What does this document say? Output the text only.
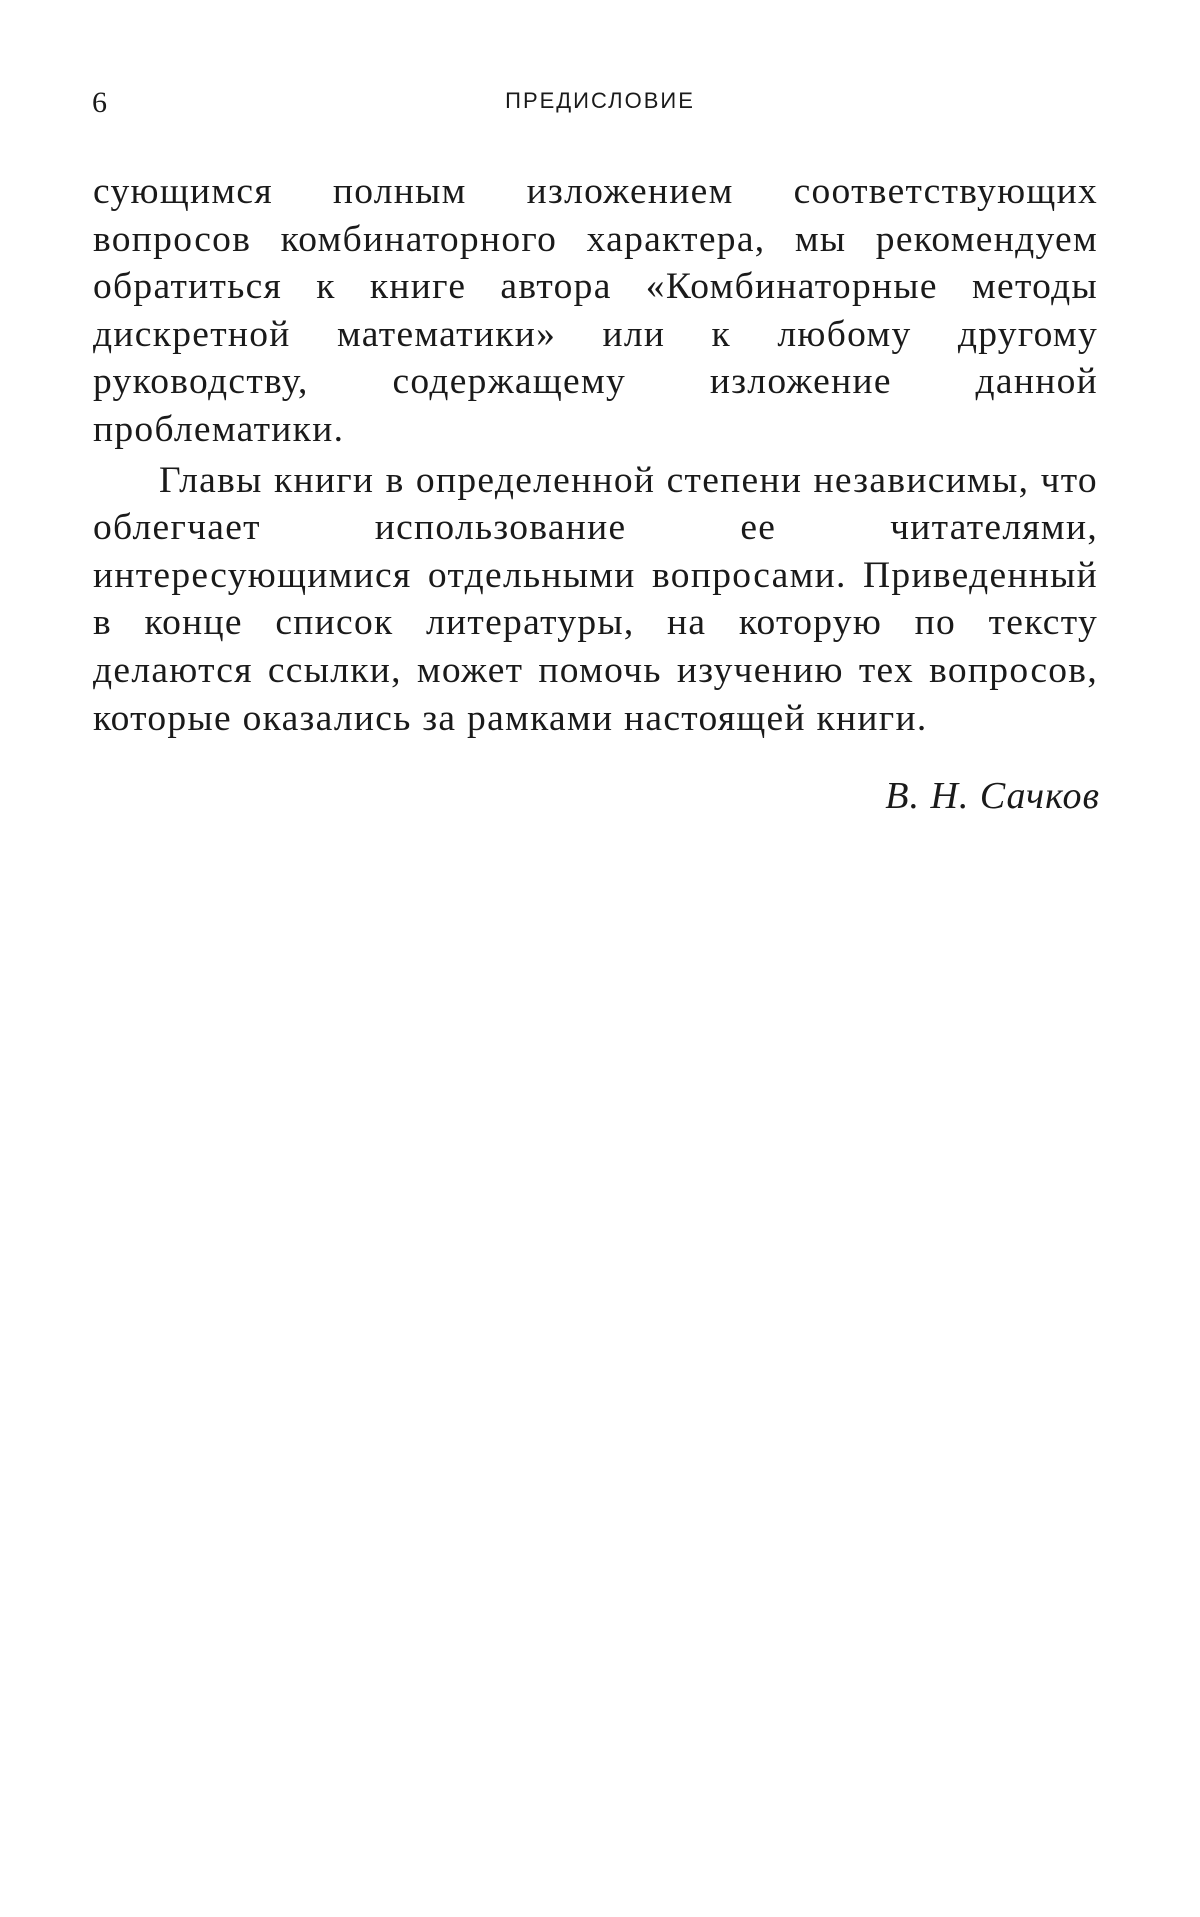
6	ПРЕДИСЛОВИЕ

сующимся полным изложением соответствующих вопросов комбинаторного характера, мы рекомендуем обратиться к книге автора «Комбинаторные методы дискретной математики» или к любому другому руководству, содержащему изложение данной проблематики.

Главы книги в определенной степени независимы, что облегчает использование ее читателями, интересующимися отдельными вопросами. Приведенный в конце список литературы, на которую по тексту делаются ссылки, может помочь изучению тех вопросов, которые оказались за рамками настоящей книги.

В. Н. Сачков
